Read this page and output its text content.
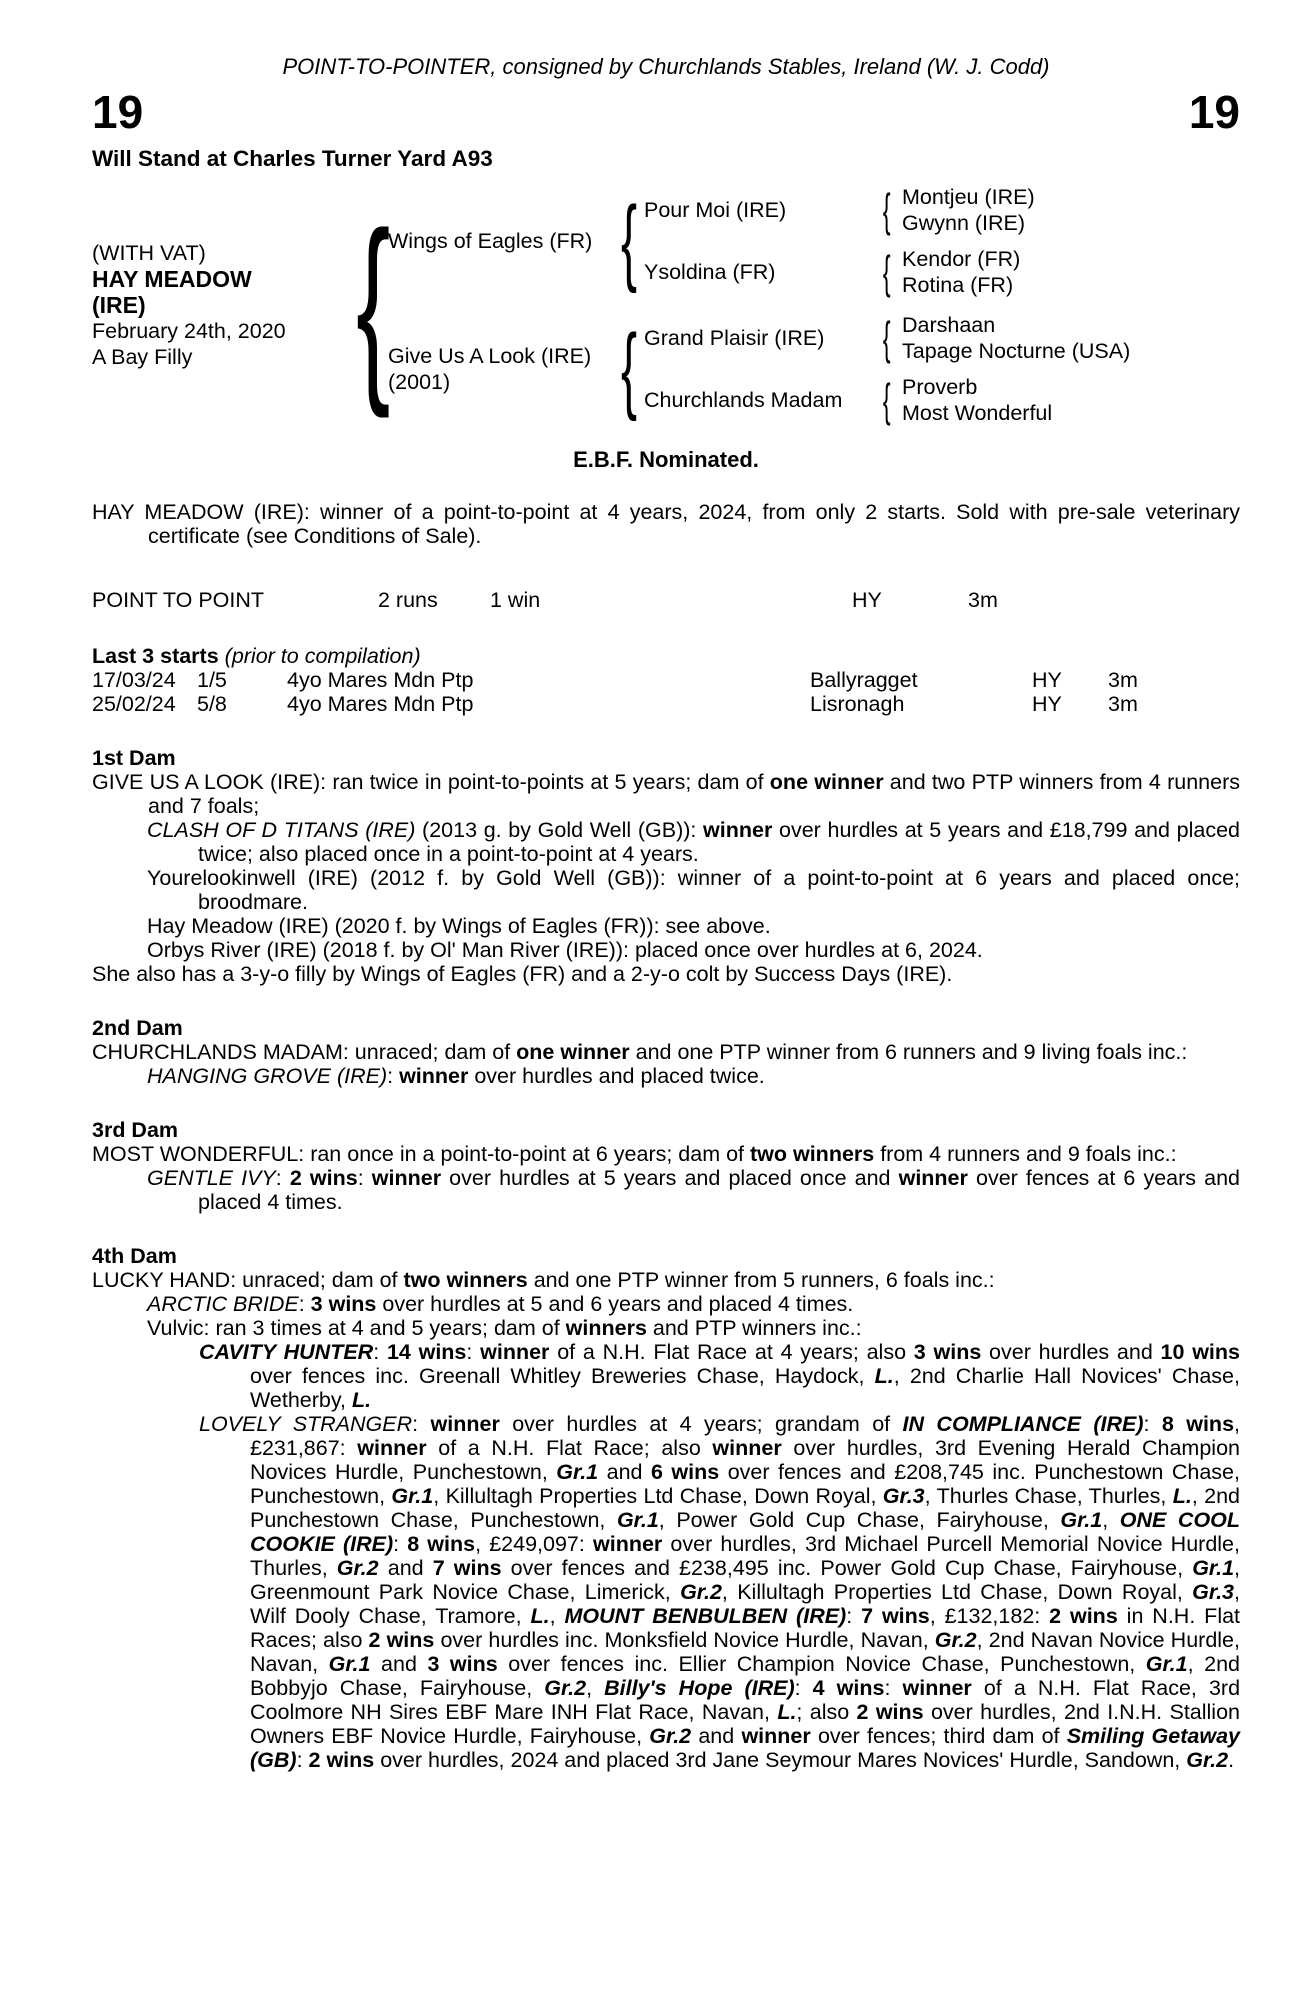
POINT-TO-POINTER, consigned by Churchlands Stables, Ireland (W. J. Codd)
19	19
Will Stand at Charles Turner Yard A93
(WITH VAT)
HAY MEADOW
(IRE)
February 24th, 2020
A Bay Filly {
Wings of Eagles (FR) { Pour Moi (IRE)	{ Montjeu (IRE)
Gwynn (IRE)
Ysoldina (FR)	{ Kendor (FR)
Rotina (FR)
Give Us A Look (IRE)
(2001)	{ Grand Plaisir (IRE)	{ Darshaan
Tapage Nocturne (USA)
Churchlands Madam { Proverb
Most Wonderful
E.B.F. Nominated.
HAY MEADOW (IRE): winner of a point-to-point at 4 years, 2024, from only 2 starts. Sold with pre-sale veterinary certificate (see Conditions of Sale).
POINT TO POINT	2 runs	1 win	HY	3m
Last 3 starts (prior to compilation)
17/03/24 1/5	4yo Mares Mdn Ptp	Ballyragget	HY	3m
25/02/24 5/8	4yo Mares Mdn Ptp	Lisronagh	HY	3m
1st Dam
GIVE US A LOOK (IRE): ran twice in point-to-points at 5 years; dam of one winner and two PTP winners from 4 runners and 7 foals;
CLASH OF D TITANS (IRE) (2013 g. by Gold Well (GB)): winner over hurdles at 5 years and £18,799 and placed twice; also placed once in a point-to-point at 4 years.
Yourelookinwell (IRE) (2012 f. by Gold Well (GB)): winner of a point-to-point at 6 years and placed once; broodmare.
Hay Meadow (IRE) (2020 f. by Wings of Eagles (FR)): see above.
Orbys River (IRE) (2018 f. by Ol' Man River (IRE)): placed once over hurdles at 6, 2024.
She also has a 3-y-o filly by Wings of Eagles (FR) and a 2-y-o colt by Success Days (IRE).
2nd Dam
CHURCHLANDS MADAM: unraced; dam of one winner and one PTP winner from 6 runners and 9 living foals inc.:
HANGING GROVE (IRE): winner over hurdles and placed twice.
3rd Dam
MOST WONDERFUL: ran once in a point-to-point at 6 years; dam of two winners from 4 runners and 9 foals inc.:
GENTLE IVY: 2 wins: winner over hurdles at 5 years and placed once and winner over fences at 6 years and placed 4 times.
4th Dam
LUCKY HAND: unraced; dam of two winners and one PTP winner from 5 runners, 6 foals inc.:
ARCTIC BRIDE: 3 wins over hurdles at 5 and 6 years and placed 4 times.
Vulvic: ran 3 times at 4 and 5 years; dam of winners and PTP winners inc.:
CAVITY HUNTER: 14 wins: winner of a N.H. Flat Race at 4 years; also 3 wins over hurdles and 10 wins over fences inc. Greenall Whitley Breweries Chase, Haydock, L., 2nd Charlie Hall Novices' Chase, Wetherby, L.
LOVELY STRANGER: winner over hurdles at 4 years; grandam of IN COMPLIANCE (IRE): 8 wins, £231,867: winner of a N.H. Flat Race; also winner over hurdles, 3rd Evening Herald Champion Novices Hurdle, Punchestown, Gr.1 and 6 wins over fences and £208,745 inc. Punchestown Chase, Punchestown, Gr.1, Killultagh Properties Ltd Chase, Down Royal, Gr.3, Thurles Chase, Thurles, L., 2nd Punchestown Chase, Punchestown, Gr.1, Power Gold Cup Chase, Fairyhouse, Gr.1, ONE COOL COOKIE (IRE): 8 wins, £249,097: winner over hurdles, 3rd Michael Purcell Memorial Novice Hurdle, Thurles, Gr.2 and 7 wins over fences and £238,495 inc. Power Gold Cup Chase, Fairyhouse, Gr.1, Greenmount Park Novice Chase, Limerick, Gr.2, Killultagh Properties Ltd Chase, Down Royal, Gr.3, Wilf Dooly Chase, Tramore, L., MOUNT BENBULBEN (IRE): 7 wins, £132,182: 2 wins in N.H. Flat Races; also 2 wins over hurdles inc. Monksfield Novice Hurdle, Navan, Gr.2, 2nd Navan Novice Hurdle, Navan, Gr.1 and 3 wins over fences inc. Ellier Champion Novice Chase, Punchestown, Gr.1, 2nd Bobbyjo Chase, Fairyhouse, Gr.2, Billy's Hope (IRE): 4 wins: winner of a N.H. Flat Race, 3rd Coolmore NH Sires EBF Mare INH Flat Race, Navan, L.; also 2 wins over hurdles, 2nd I.N.H. Stallion Owners EBF Novice Hurdle, Fairyhouse, Gr.2 and winner over fences; third dam of Smiling Getaway (GB): 2 wins over hurdles, 2024 and placed 3rd Jane Seymour Mares Novices' Hurdle, Sandown, Gr.2.
